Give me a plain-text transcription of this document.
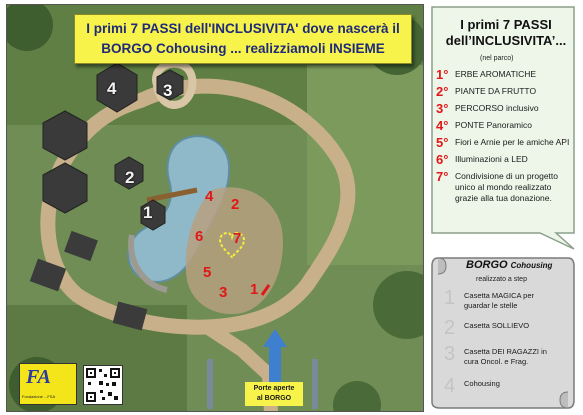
I primi 7 PASSI dell'INCLUSIVITA' dove nascerà il
BORGO Cohousing ... realizziamoli INSIEME
4	3
2
1
4 2
6 7
5
3 1
Porte aperte
al BORGO
FA
Fondazione ...FSA
I primi 7 PASSI
dell’INCLUSIVITA’...
(nel parco)
1° ERBE AROMATICHE
2° PIANTE DA FRUTTO
3° PERCORSO inclusivo
4° PONTE Panoramico
5° Fiori e Arnie per le amiche API
6° Illuminazioni a LED
7° Condivisione di un progetto unico al mondo realizzato grazie alla tua donazione.
BORGO Cohousing
realizzato a step
1	Casetta MAGICA per guardar le stelle
2	Casetta SOLLIEVO
3	Casetta DEI RAGAZZI in cura Oncol. e Frag.
4	Cohousing
